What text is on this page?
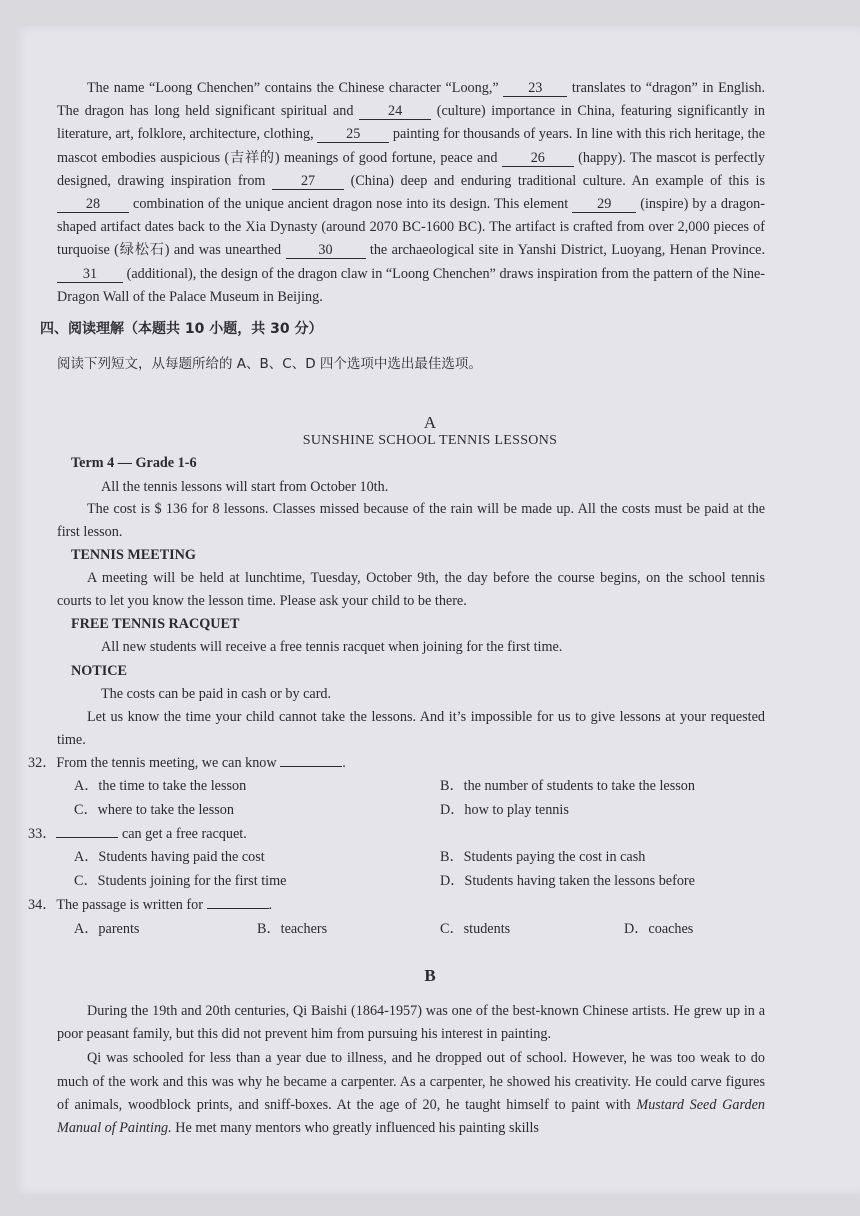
The name “Loong Chenchen” contains the Chinese character “Loong,” 23 translates to “dragon” in English. The dragon has long held significant spiritual and 24 (culture) importance in China, featuring significantly in literature, art, folklore, architecture, clothing, 25 painting for thousands of years. In line with this rich heritage, the mascot embodies auspicious (吉祥的) meanings of good fortune, peace and 26 (happy). The mascot is perfectly designed, drawing inspiration from 27 (China) deep and enduring traditional culture. An example of this is 28 combination of the unique ancient dragon nose into its design. This element 29 (inspire) by a dragon-shaped artifact dates back to the Xia Dynasty (around 2070 BC-1600 BC). The artifact is crafted from over 2,000 pieces of turquoise (绿松石) and was unearthed 30 the archaeological site in Yanshi District, Luoyang, Henan Province. 31 (additional), the design of the dragon claw in “Loong Chenchen” draws inspiration from the pattern of the Nine-Dragon Wall of the Palace Museum in Beijing.

四、阅读理解（本题共 10 小题，共 30 分）
阅读下列短文，从每题所给的 A、B、C、D 四个选项中选出最佳选项。
A
SUNSHINE SCHOOL TENNIS LESSONS
Term 4 — Grade 1-6
All the tennis lessons will start from October 10th.

The cost is $ 136 for 8 lessons. Classes missed because of the rain will be made up. All the costs must be paid at the first lesson.

TENNIS MEETING

A meeting will be held at lunchtime, Tuesday, October 9th, the day before the course begins, on the school tennis courts to let you know the lesson time. Please ask your child to be there.

FREE TENNIS RACQUET
All new students will receive a free tennis racquet when joining for the first time.
NOTICE
The costs can be paid in cash or by card.

Let us know the time your child cannot take the lessons. And it’s impossible for us to give lessons at your requested time.

32．From the tennis meeting, we can know	.
A．the time to take the lesson	B．the number of students to take the lesson
C．where to take the lesson	D．how to play tennis
33．	can get a free racquet.
A．Students having paid the cost	B．Students paying the cost in cash
C．Students joining for the first time	D．Students having taken the lessons before
34．The passage is written for	.
A．parents	B．teachers	C．students	D．coaches
B

During the 19th and 20th centuries, Qi Baishi (1864-1957) was one of the best-known Chinese artists. He grew up in a poor peasant family, but this did not prevent him from pursuing his interest in painting.

Qi was schooled for less than a year due to illness, and he dropped out of school. However, he was too weak to do much of the work and this was why he became a carpenter. As a carpenter, he showed his creativity. He could carve figures of animals, woodblock prints, and sniff-boxes. At the age of 20, he taught himself to paint with Mustard Seed Garden Manual of Painting. He met many mentors who greatly influenced his painting skills
